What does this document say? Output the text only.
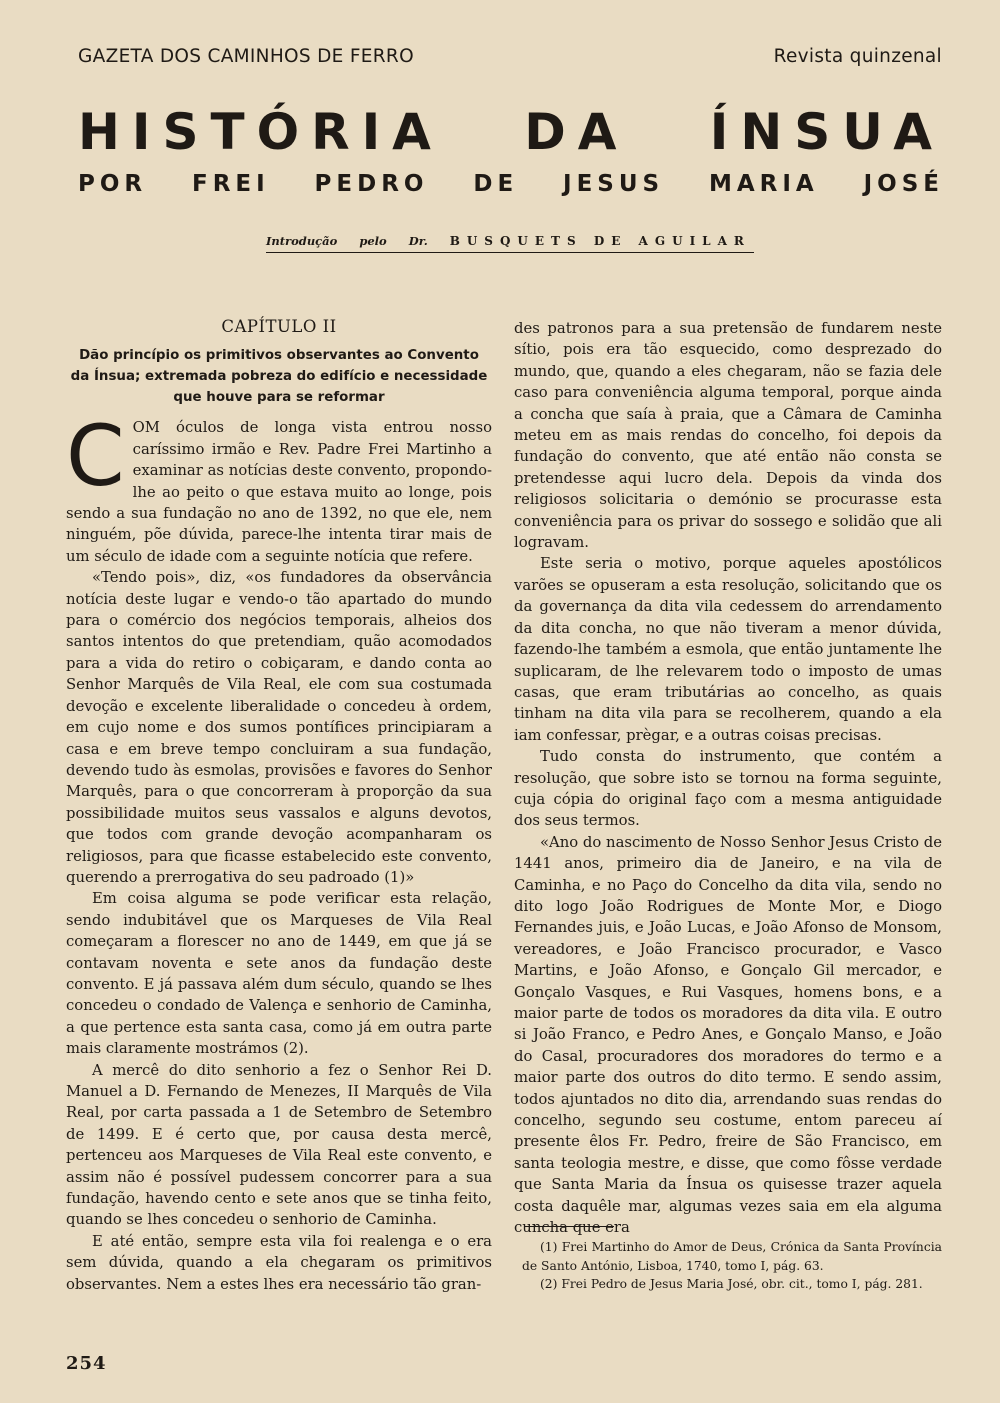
GAZETA DOS CAMINHOS DE FERRO	Revista quinzenal
HISTÓRIA DA ÍNSUA
POR FREI PEDRO DE JESUS MARIA JOSÉ
Introdução pelo Dr. BUSQUETS DE AGUILAR

CAPÍTULO II

Dão princípio os primitivos observantes ao Convento da Ínsua; extremada pobreza do edifício e necessidade que houve para se reformar

COM óculos de longa vista entrou nosso caríssimo irmão e Rev. Padre Frei Martinho a examinar as notícias deste convento, propondo-lhe ao peito o que estava muito ao longe, pois sendo a sua fundação no ano de 1392, no que ele, nem ninguém, põe dúvida, parece-lhe intenta tirar mais de um século de idade com a seguinte notícia que refere.

«Tendo pois», diz, «os fundadores da observância notícia deste lugar e vendo-o tão apartado do mundo para o comércio dos negócios temporais, alheios dos santos intentos do que pretendiam, quão acomodados para a vida do retiro o cobiçaram, e dando conta ao Senhor Marquês de Vila Real, ele com sua costumada devoção e excelente liberalidade o concedeu à ordem, em cujo nome e dos sumos pontífices principiaram a casa e em breve tempo concluiram a sua fundação, devendo tudo às esmolas, provisões e favores do Senhor Marquês, para o que concorreram à proporção da sua possibilidade muitos seus vassalos e alguns devotos, que todos com grande devoção acompanharam os religiosos, para que ficasse estabelecido este convento, querendo a prerrogativa do seu padroado (1)»

Em coisa alguma se pode verificar esta relação, sendo indubitável que os Marqueses de Vila Real começaram a florescer no ano de 1449, em que já se contavam noventa e sete anos da fundação deste convento. E já passava além dum século, quando se lhes concedeu o condado de Valença e senhorio de Caminha, a que pertence esta santa casa, como já em outra parte mais claramente mostrámos (2).

A mercê do dito senhorio a fez o Senhor Rei D. Manuel a D. Fernando de Menezes, II Marquês de Vila Real, por carta passada a 1 de Setembro de Setembro de 1499. E é certo que, por causa desta mercê, pertenceu aos Marqueses de Vila Real este convento, e assim não é possível pudessem concorrer para a sua fundação, havendo cento e sete anos que se tinha feito, quando se lhes concedeu o senhorio de Caminha.

E até então, sempre esta vila foi realenga e o era sem dúvida, quando a ela chegaram os primitivos observantes. Nem a estes lhes era necessário tão gran-

des patronos para a sua pretensão de fundarem neste sítio, pois era tão esquecido, como desprezado do mundo, que, quando a eles chegaram, não se fazia dele caso para conveniência alguma temporal, porque ainda a concha que saía à praia, que a Câmara de Caminha meteu em as mais rendas do concelho, foi depois da fundação do convento, que até então não consta se pretendesse aqui lucro dela. Depois da vinda dos religiosos solicitaria o demónio se procurasse esta conveniência para os privar do sossego e solidão que ali logravam.

Este seria o motivo, porque aqueles apostólicos varões se opuseram a esta resolução, solicitando que os da governança da dita vila cedessem do arrendamento da dita concha, no que não tiveram a menor dúvida, fazendo-lhe também a esmola, que então juntamente lhe suplicaram, de lhe relevarem todo o imposto de umas casas, que eram tributárias ao concelho, as quais tinham na dita vila para se recolherem, quando a ela iam confessar, prègar, e a outras coisas precisas.

Tudo consta do instrumento, que contém a resolução, que sobre isto se tornou na forma seguinte, cuja cópia do original faço com a mesma antiguidade dos seus termos.

«Ano do nascimento de Nosso Senhor Jesus Cristo de 1441 anos, primeiro dia de Janeiro, e na vila de Caminha, e no Paço do Concelho da dita vila, sendo no dito logo João Rodrigues de Monte Mor, e Diogo Fernandes juis, e João Lucas, e João Afonso de Monsom, vereadores, e João Francisco procurador, e Vasco Martins, e João Afonso, e Gonçalo Gil mercador, e Gonçalo Vasques, e Rui Vasques, homens bons, e a maior parte de todos os moradores da dita vila. E outro si João Franco, e Pedro Anes, e Gonçalo Manso, e João do Casal, procuradores dos moradores do termo e a maior parte dos outros do dito termo. E sendo assim, todos ajuntados no dito dia, arrendando suas rendas do concelho, segundo seu costume, entom pareceu aí presente êlos Fr. Pedro, freire de São Francisco, em santa teologia mestre, e disse, que como fôsse verdade que Santa Maria da Ínsua os quisesse trazer aquela costa daquêle mar, algumas vezes saia em ela alguma cuncha que era

(1) Frei Martinho do Amor de Deus, Crónica da Santa Província de Santo António, Lisboa, 1740, tomo I, pág. 63.

(2) Frei Pedro de Jesus Maria José, obr. cit., tomo I, pág. 281.

254
